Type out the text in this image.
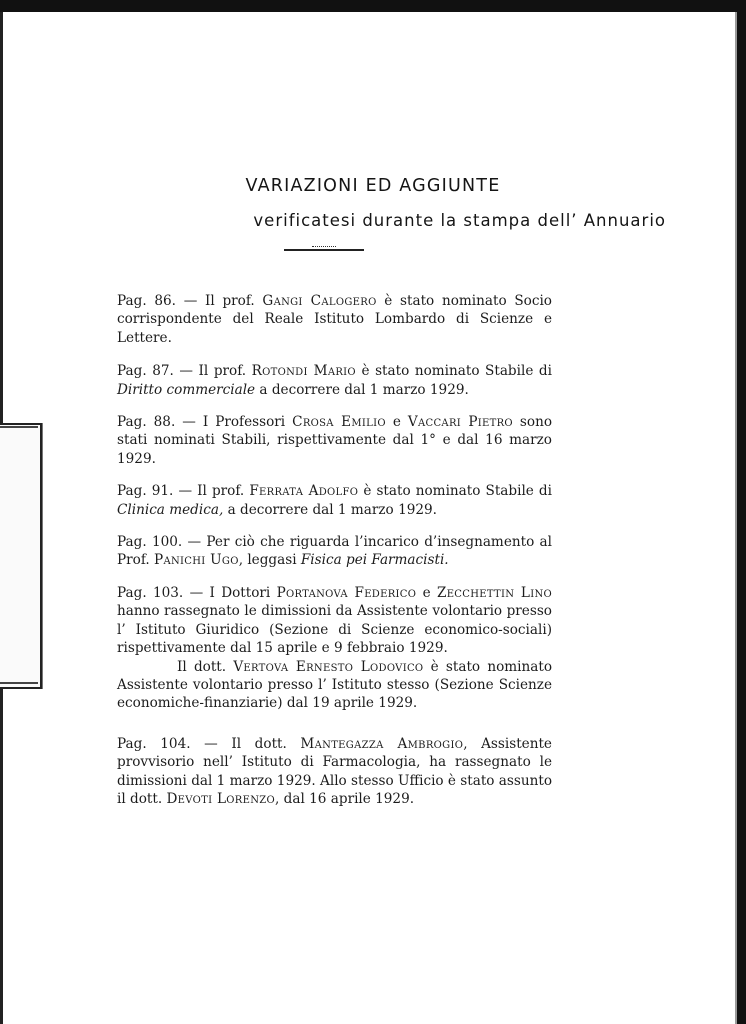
VARIAZIONI ED AGGIUNTE
verificatesi durante la stampa dell’ Annuario

Pag. 86. — Il prof. Gangi Calogero è stato nominato Socio corrispondente del Reale Istituto Lombardo di Scienze e Lettere.

Pag. 87. — Il prof. Rotondi Mario è stato nominato Stabile di Diritto commerciale a decorrere dal 1 marzo 1929.

Pag. 88. — I Professori Crosa Emilio e Vaccari Pietro sono stati nominati Stabili, rispettivamente dal 1° e dal 16 marzo 1929.

Pag. 91. — Il prof. Ferrata Adolfo è stato nominato Stabile di Clinica medica, a decorrere dal 1 marzo 1929.

Pag. 100. — Per ciò che riguarda l’incarico d’insegnamento al Prof. Panichi Ugo, leggasi Fisica pei Farmacisti.

Pag. 103. — I Dottori Portanova Federico e Zecchettin Lino hanno rassegnato le dimissioni da Assistente volontario presso l’ Istituto Giuridico (Sezione di Scienze economico-sociali) rispettivamente dal 15 aprile e 9 febbraio 1929.

Il dott. Vertova Ernesto Lodovico è stato nominato Assistente volontario presso l’ Istituto stesso (Sezione Scienze economiche-finanziarie) dal 19 aprile 1929.

Pag. 104. — Il dott. Mantegazza Ambrogio, Assistente provvisorio nell’ Istituto di Farmacologia, ha rassegnato le dimissioni dal 1 marzo 1929. Allo stesso Ufficio è stato assunto il dott. Devoti Lorenzo, dal 16 aprile 1929.
